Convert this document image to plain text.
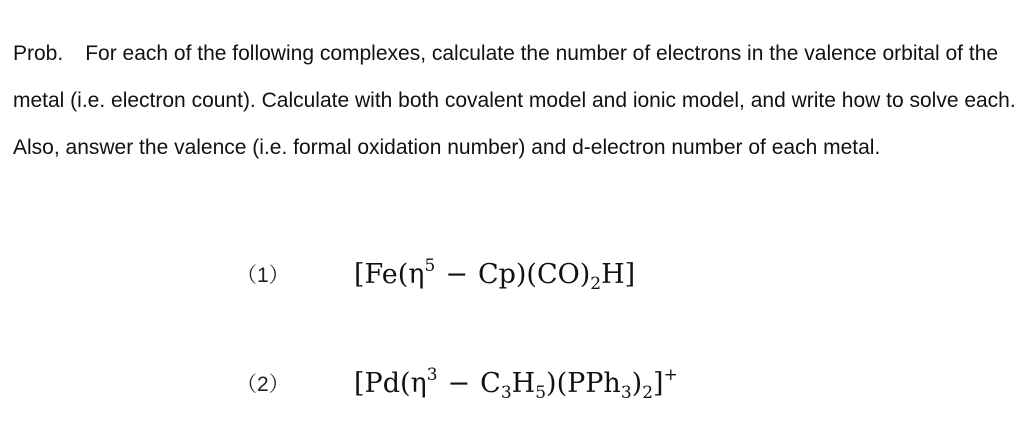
Prob. For each of the following complexes, calculate the number of electrons in the valence orbital of the metal (i.e. electron count). Calculate with both covalent model and ionic model, and write how to solve each. Also, answer the valence (i.e. formal oxidation number) and d-electron number of each metal.
（1）	$[Fe(\eta^5 - Cp)(CO)_2H]$
（2）	$[Pd(\eta^3 - C_3H_5)(PPh_3)_2]^+$
